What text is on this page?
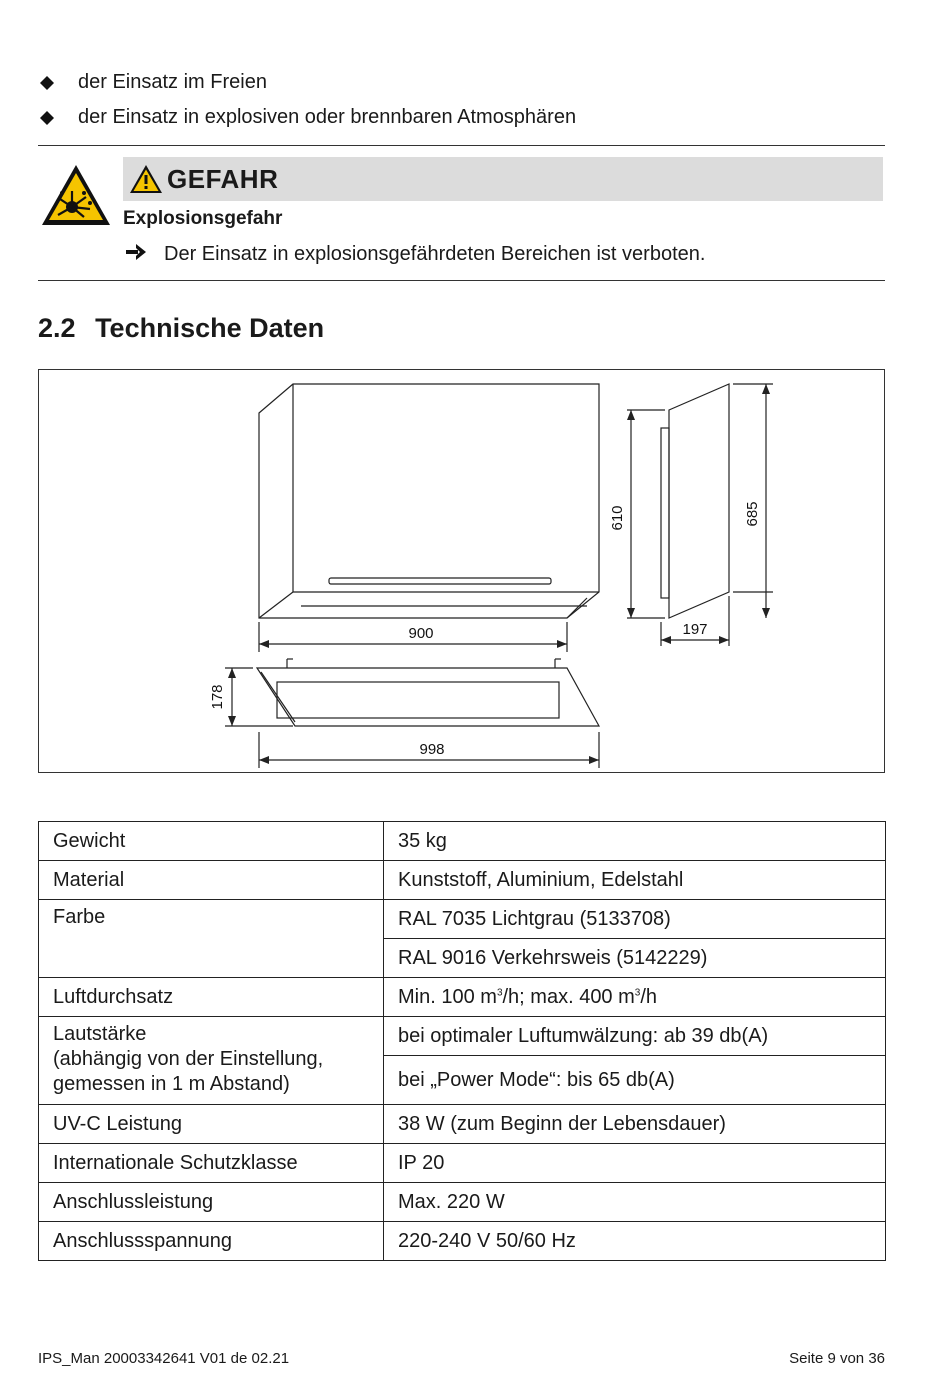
der Einsatz im Freien
der Einsatz in explosiven oder brennbaren Atmosphären
GEFAHR
Explosionsgefahr
Der Einsatz in explosionsgefährdeten Bereichen ist verboten.
2.2 Technische Daten
900
998
178
610	685
197
Gewicht	35 kg
Material	Kunststoff, Aluminium, Edelstahl
Farbe	RAL 7035 Lichtgrau (5133708)
	RAL 9016 Verkehrsweis (5142229)
Luftdurchsatz	Min. 100 $m^3/h$; max. 400 $m^3/h$

Lautstärke
(abhängig von der Einstellung,
gemessen in 1 m Abstand)	bei optimaler Luftumwälzung: ab 39 db(A)
	bei „Power Mode“: bis 65 db(A)
UV-C Leistung	38 W (zum Beginn der Lebensdauer)
Internationale Schutzklasse	IP 20
Anschlussleistung	Max. 220 W
Anschlussspannung	220-240 V 50/60 Hz
IPS_Man 20003342641 V01 de 02.21	Seite 9 von 36
